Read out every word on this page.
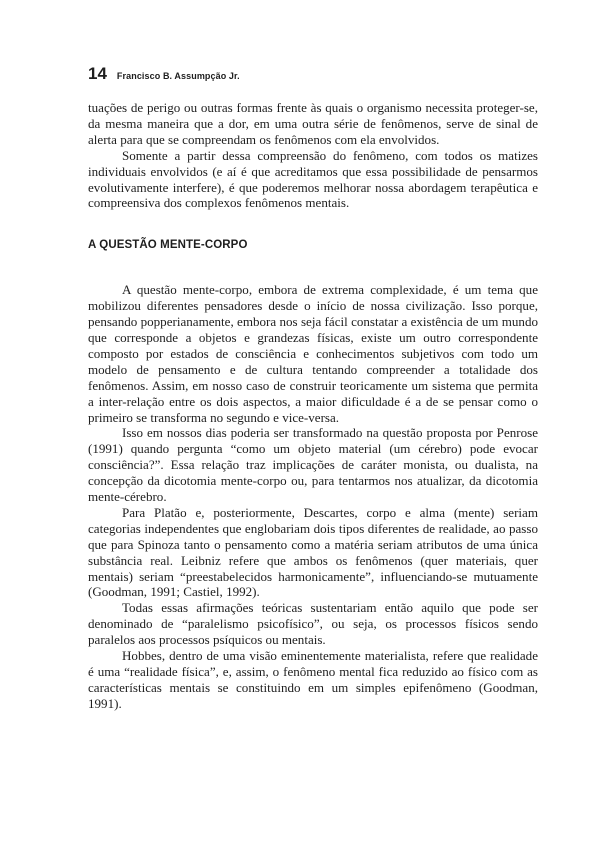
14 Francisco B. Assumpção Jr.

tuações de perigo ou outras formas frente às quais o organismo necessita proteger-se, da mesma maneira que a dor, em uma outra série de fenômenos, serve de sinal de alerta para que se compreendam os fenômenos com ela envolvidos.

Somente a partir dessa compreensão do fenômeno, com todos os matizes individuais envolvidos (e aí é que acreditamos que essa possibilidade de pensarmos evolutivamente interfere), é que poderemos melhorar nossa abordagem terapêutica e compreensiva dos complexos fenômenos mentais.

A QUESTÃO MENTE-CORPO

A questão mente-corpo, embora de extrema complexidade, é um tema que mobilizou diferentes pensadores desde o início de nossa civilização. Isso porque, pensando popperianamente, embora nos seja fácil constatar a existência de um mundo que corresponde a objetos e grandezas físicas, existe um outro correspondente composto por estados de consciência e conhecimentos subjetivos com todo um modelo de pensamento e de cultura tentando compreender a totalidade dos fenômenos. Assim, em nosso caso de construir teoricamente um sistema que permita a inter-relação entre os dois aspectos, a maior dificuldade é a de se pensar como o primeiro se transforma no segundo e vice-versa.

Isso em nossos dias poderia ser transformado na questão proposta por Penrose (1991) quando pergunta “como um objeto material (um cérebro) pode evocar consciência?”. Essa relação traz implicações de caráter monista, ou dualista, na concepção da dicotomia mente-corpo ou, para tentarmos nos atualizar, da dicotomia mente-cérebro.

Para Platão e, posteriormente, Descartes, corpo e alma (mente) seriam categorias independentes que englobariam dois tipos diferentes de realidade, ao passo que para Spinoza tanto o pensamento como a matéria seriam atributos de uma única substância real. Leibniz refere que ambos os fenômenos (quer materiais, quer mentais) seriam “preestabelecidos harmonicamente”, influenciando-se mutuamente (Goodman, 1991; Castiel, 1992).

Todas essas afirmações teóricas sustentariam então aquilo que pode ser denominado de “paralelismo psicofísico”, ou seja, os processos físicos sendo paralelos aos processos psíquicos ou mentais.

Hobbes, dentro de uma visão eminentemente materialista, refere que realidade é uma “realidade física”, e, assim, o fenômeno mental fica reduzido ao físico com as características mentais se constituindo em um simples epifenômeno (Goodman, 1991).
